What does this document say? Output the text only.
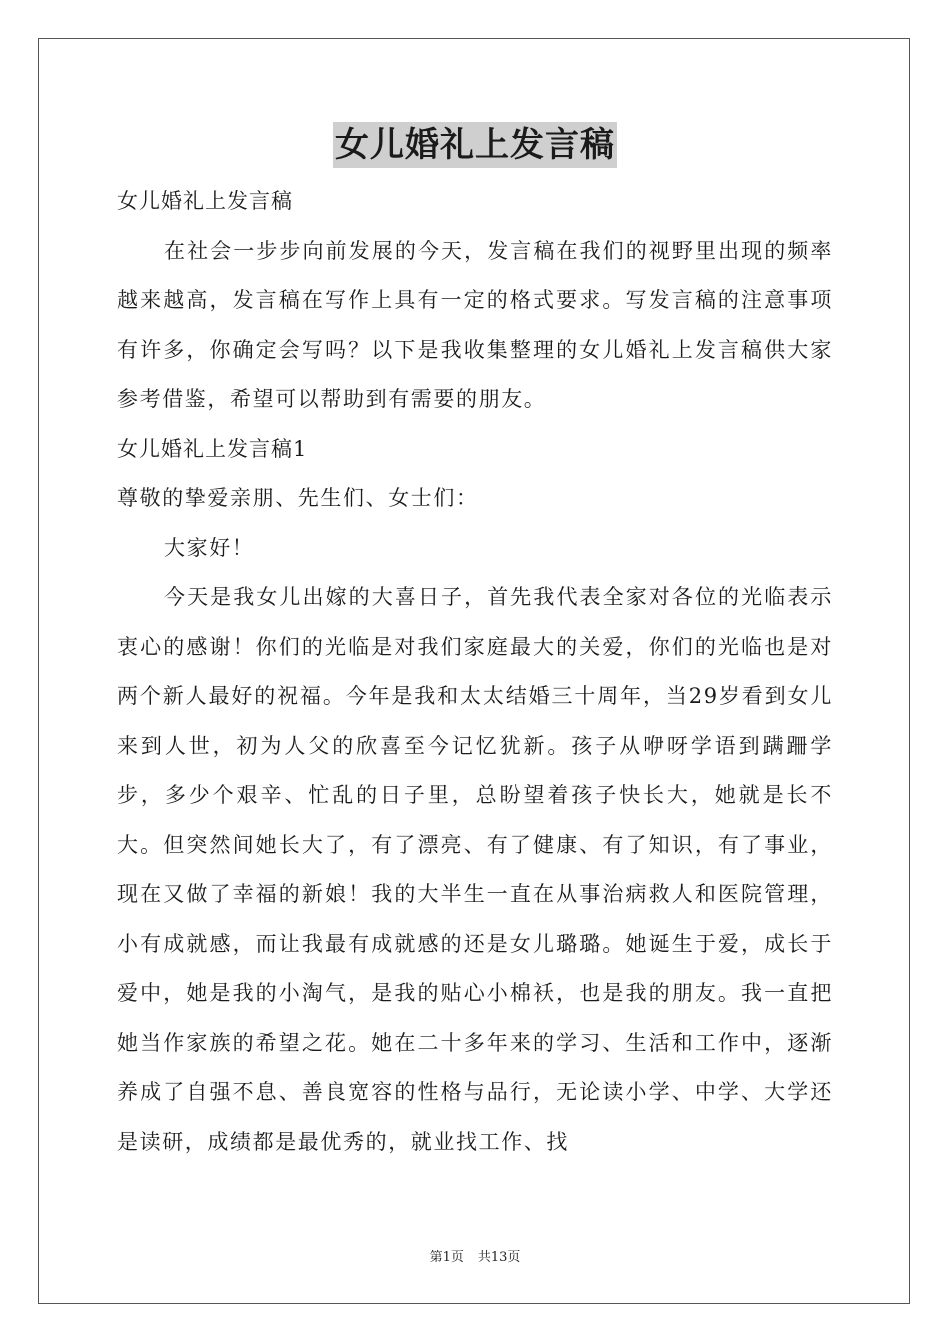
女儿婚礼上发言稿

女儿婚礼上发言稿

在社会一步步向前发展的今天，发言稿在我们的视野里出现的频率越来越高，发言稿在写作上具有一定的格式要求。写发言稿的注意事项有许多，你确定会写吗？以下是我收集整理的女儿婚礼上发言稿供大家参考借鉴，希望可以帮助到有需要的朋友。

女儿婚礼上发言稿1

尊敬的挚爱亲朋、先生们、女士们：

大家好！

今天是我女儿出嫁的大喜日子，首先我代表全家对各位的光临表示衷心的感谢！你们的光临是对我们家庭最大的关爱，你们的光临也是对两个新人最好的祝福。今年是我和太太结婚三十周年，当29岁看到女儿来到人世，初为人父的欣喜至今记忆犹新。孩子从咿呀学语到蹒跚学步，多少个艰辛、忙乱的日子里，总盼望着孩子快长大，她就是长不大。但突然间她长大了，有了漂亮、有了健康、有了知识，有了事业，现在又做了幸福的新娘！我的大半生一直在从事治病救人和医院管理，小有成就感，而让我最有成就感的还是女儿璐璐。她诞生于爱，成长于爱中，她是我的小淘气，是我的贴心小棉袄，也是我的朋友。我一直把她当作家族的希望之花。她在二十多年来的学习、生活和工作中，逐渐养成了自强不息、善良宽容的性格与品行，无论读小学、中学、大学还是读研，成绩都是最优秀的，就业找工作、找

第1页 共13页
